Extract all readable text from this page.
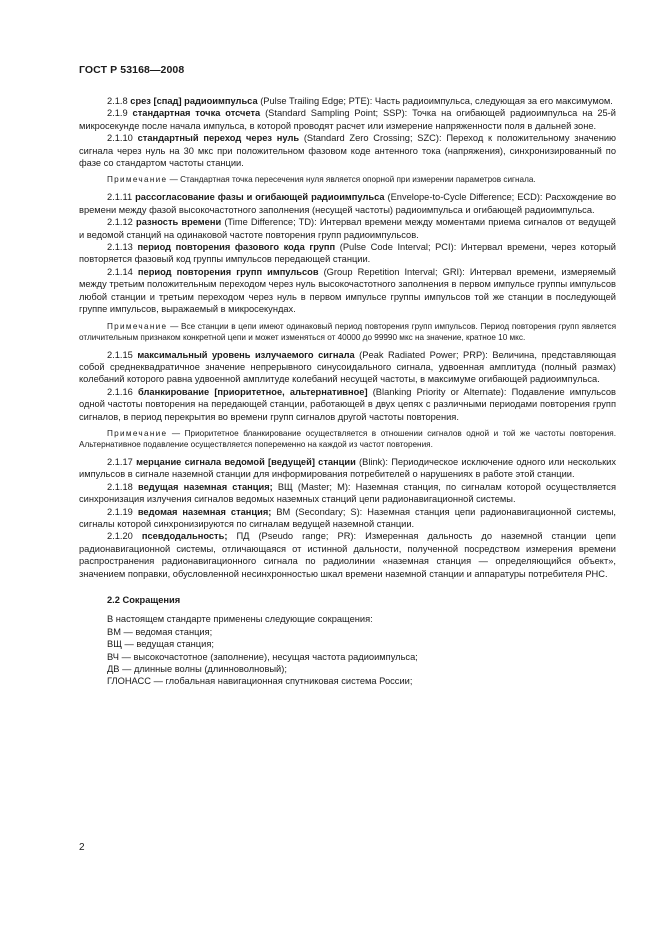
ГОСТ Р 53168—2008

2.1.8 срез [спад] радиоимпульса (Pulse Trailing Edge; PTE): Часть радиоимпульса, следующая за его максимумом.

2.1.9 стандартная точка отсчета (Standard Sampling Point; SSP): Точка на огибающей радиоимпульса на 25-й микросекунде после начала импульса, в которой проводят расчет или измерение напряженности поля в дальней зоне.

2.1.10 стандартный переход через нуль (Standard Zero Crossing; SZC): Переход к положительному значению сигнала через нуль на 30 мкс при положительном фазовом коде антенного тока (напряжения), синхронизированный по фазе со стандартом частоты станции.

Примечание — Стандартная точка пересечения нуля является опорной при измерении параметров сигнала.

2.1.11 рассогласование фазы и огибающей радиоимпульса (Envelope-to-Cycle Difference; ECD): Расхождение во времени между фазой высокочастотного заполнения (несущей частоты) радиоимпульса и огибающей радиоимпульса.

2.1.12 разность времени (Time Difference; TD): Интервал времени между моментами приема сигналов от ведущей и ведомой станций на одинаковой частоте повторения групп радиоимпульсов.

2.1.13 период повторения фазового кода групп (Pulse Code Interval; PCI): Интервал времени, через который повторяется фазовый код группы импульсов передающей станции.

2.1.14 период повторения групп импульсов (Group Repetition Interval; GRI): Интервал времени, измеряемый между третьим положительным переходом через нуль высокочастотного заполнения в первом импульсе группы импульсов любой станции и третьим переходом через нуль в первом импульсе группы импульсов той же станции в последующей группе импульсов, выражаемый в микросекундах.

Примечание — Все станции в цепи имеют одинаковый период повторения групп импульсов. Период повторения групп является отличительным признаком конкретной цепи и может изменяться от 40000 до 99990 мкс на значение, кратное 10 мкс.

2.1.15 максимальный уровень излучаемого сигнала (Peak Radiated Power; PRP): Величина, представляющая собой среднеквадратичное значение непрерывного синусоидального сигнала, удвоенная амплитуда (полный размах) колебаний которого равна удвоенной амплитуде колебаний несущей частоты, в максимуме огибающей радиоимпульса.

2.1.16 бланкирование [приоритетное, альтернативное] (Blanking Priority or Alternate): Подавление импульсов одной частоты повторения на передающей станции, работающей в двух цепях с различными периодами повторения групп сигналов, в период перекрытия во времени групп сигналов другой частоты повторения.

Примечание — Приоритетное бланкирование осуществляется в отношении сигналов одной и той же частоты повторения. Альтернативное подавление осуществляется попеременно на каждой из частот повторения.

2.1.17 мерцание сигнала ведомой [ведущей] станции (Blink): Периодическое исключение одного или нескольких импульсов в сигнале наземной станции для информирования потребителей о нарушениях в работе этой станции.

2.1.18 ведущая наземная станция; ВЩ (Master; M): Наземная станция, по сигналам которой осуществляется синхронизация излучения сигналов ведомых наземных станций цепи радионавигационной системы.

2.1.19 ведомая наземная станция; ВМ (Secondary; S): Наземная станция цепи радионавигационной системы, сигналы которой синхронизируются по сигналам ведущей наземной станции.

2.1.20 псевдодальность; ПД (Pseudo range; PR): Измеренная дальность до наземной станции цепи радионавигационной системы, отличающаяся от истинной дальности, полученной посредством измерения времени распространения радионавигационного сигнала по радиолинии «наземная станция — определяющийся объект», значением поправки, обусловленной несинхронностью шкал времени наземной станции и аппаратуры потребителя РНС.

2.2 Сокращения

В настоящем стандарте применены следующие сокращения:

ВМ — ведомая станция;

ВЩ — ведущая станция;

ВЧ — высокочастотное (заполнение), несущая частота радиоимпульса;

ДВ — длинные волны (длинноволновый);

ГЛОНАСС — глобальная навигационная спутниковая система России;

2
